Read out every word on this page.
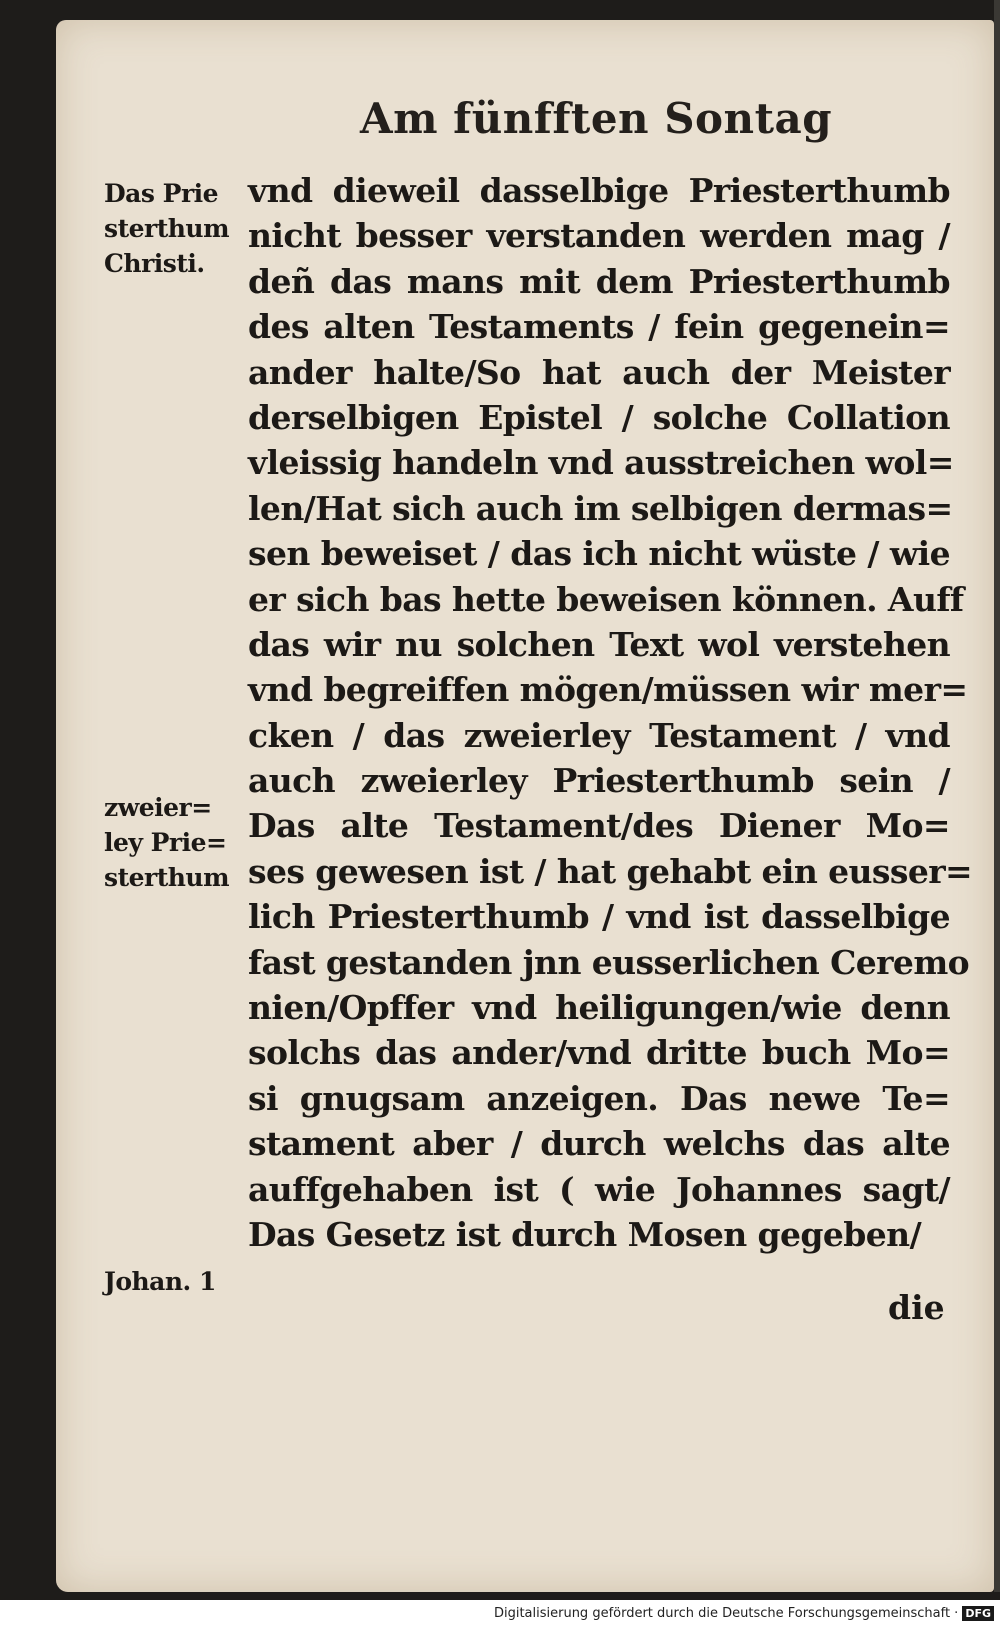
Am fünfften Sontag
Das Prie
sterthum
Christi.
zweier=
ley Prie=
sterthum
Johan. 1
vnd dieweil dasselbige Priesterthumb
nicht besser verstanden werden mag /
deñ das mans mit dem Priesterthumb
des alten Testaments / fein gegenein=
ander halte/So hat auch der Meister
derselbigen Epistel / solche Collation
vleissig handeln vnd ausstreichen wol=
len/Hat sich auch im selbigen dermas=
sen beweiset / das ich nicht wüste / wie
er sich bas hette beweisen können. Auff
das wir nu solchen Text wol verstehen
vnd begreiffen mögen/müssen wir mer=
cken / das zweierley Testament / vnd
auch zweierley Priesterthumb sein /
Das alte Testament/des Diener Mo=
ses gewesen ist / hat gehabt ein eusser=
lich Priesterthumb / vnd ist dasselbige
fast gestanden jnn eusserlichen Ceremo
nien/Opffer vnd heiligungen/wie denn
solchs das ander/vnd dritte buch Mo=
si gnugsam anzeigen. Das newe Te=
stament aber / durch welchs das alte
auffgehaben ist ( wie Johannes sagt/
Das Gesetz ist durch Mosen gegeben/
die
Digitalisierung gefördert durch die Deutsche Forschungsgemeinschaft · DFG
